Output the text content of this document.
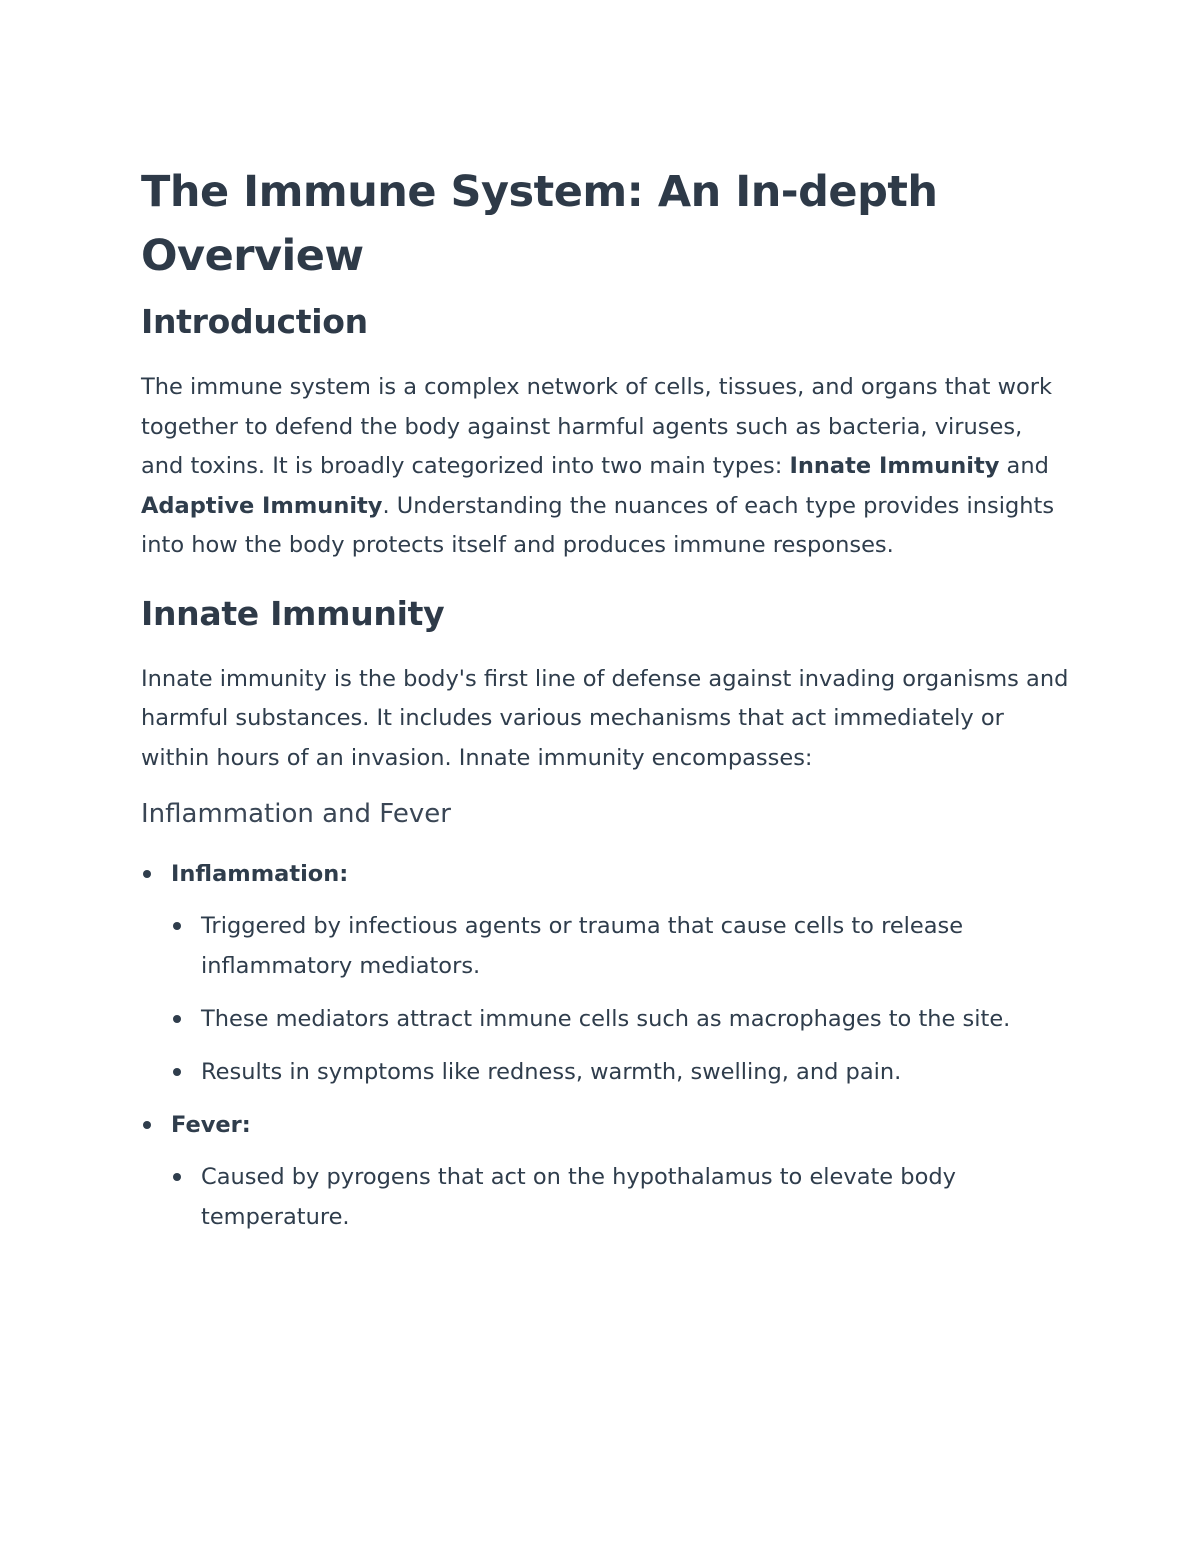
The Immune System: An In-depth
Overview
Introduction

The immune system is a complex network of cells, tissues, and organs that work together to defend the body against harmful agents such as bacteria, viruses, and toxins. It is broadly categorized into two main types: Innate Immunity and Adaptive Immunity. Understanding the nuances of each type provides insights into how the body protects itself and produces immune responses.

Innate Immunity

Innate immunity is the body's first line of defense against invading organisms and harmful substances. It includes various mechanisms that act immediately or within hours of an invasion. Innate immunity encompasses:

Inflammation and Fever
Inflammation:
Triggered by infectious agents or trauma that cause cells to release inflammatory mediators.
These mediators attract immune cells such as macrophages to the site.
Results in symptoms like redness, warmth, swelling, and pain.
Fever:
Caused by pyrogens that act on the hypothalamus to elevate body temperature.
